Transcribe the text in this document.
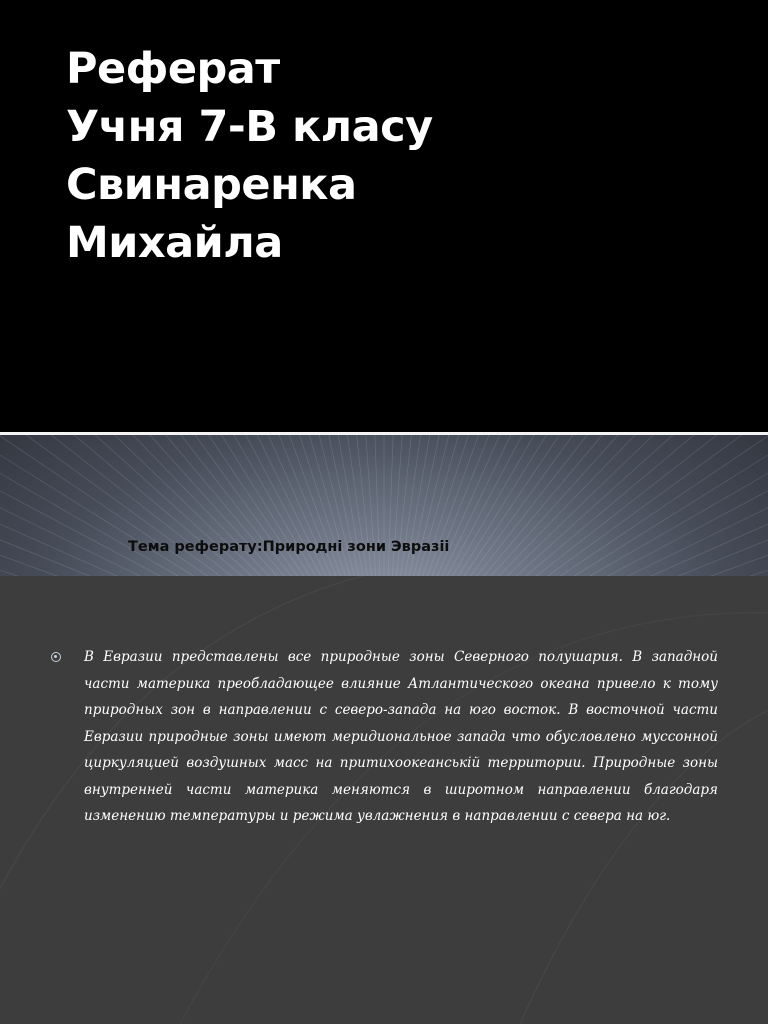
Реферат
Учня 7-В класу
Свинаренка
Михайла

Тема реферату:Природні зони Эвразіі

В Евразии представлены все природные зоны Северного полушария. В западной части материка преобладающее влияние Атлантического океана привело к тому природных зон в направлении с северо-запада на юго восток. В восточной части Евразии природные зоны имеют меридиональное запада что обусловлено муссонной циркуляцией воздушных масс на притихоокеанській территории. Природные зоны внутренней части материка меняются в широтном направлении благодаря изменению температуры и режима увлажнения в направлении с севера на юг.
